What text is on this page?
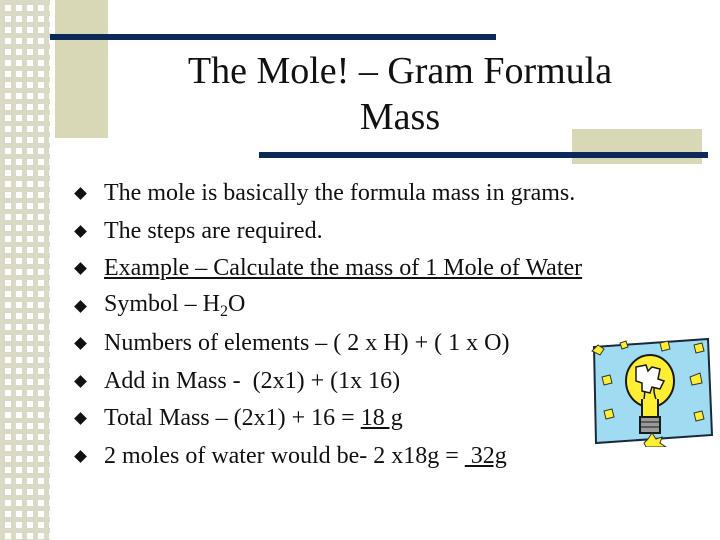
The Mole! – Gram Formula
Mass
The mole is basically the formula mass in grams.
The steps are required.
Example – Calculate the mass of 1 Mole of Water
Symbol – $H_2O$
Numbers of elements – ( 2 x H) + ( 1 x O)
Add in Mass -  (2x1) + (1x 16)
Total Mass – (2x1) + 16 = 18 g
2 moles of water would be- 2 x18g =  32g
